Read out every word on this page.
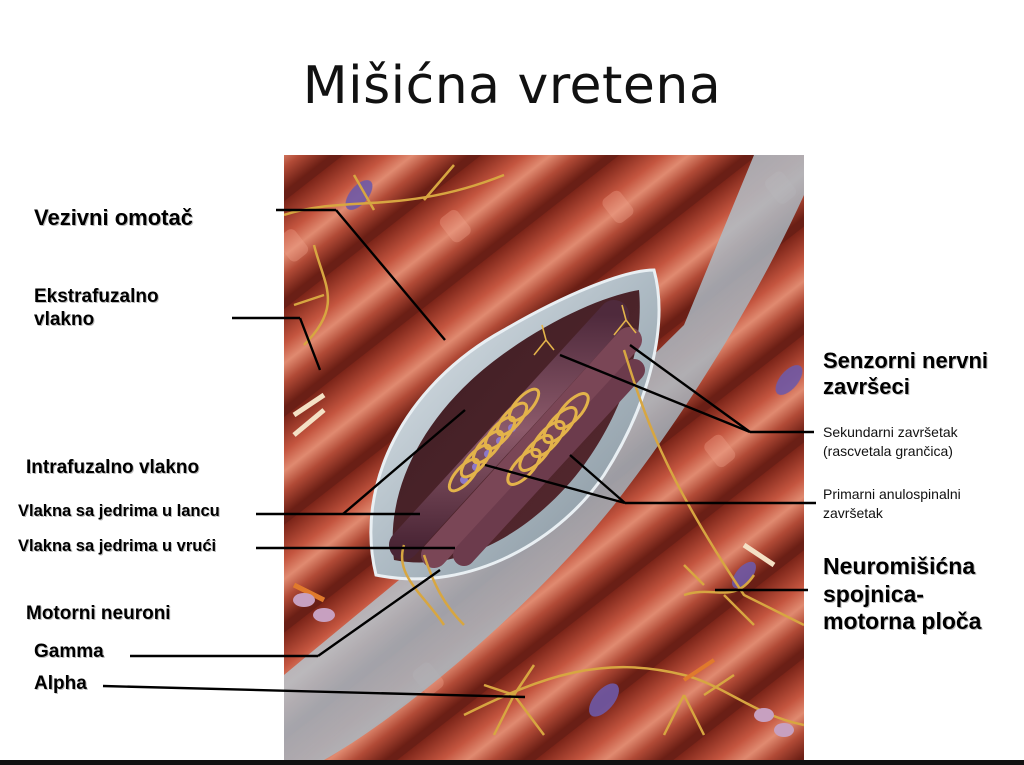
Mišićna vretena
Vezivni omotač
Ekstrafuzalno
vlakno
Intrafuzalno vlakno
Vlakna sa jedrima u lancu
Vlakna sa jedrima u vrući
Motorni neuroni
Gamma
Alpha
Senzorni nervni
završeci
Sekundarni završetak
(rascvetala grančica)
Primarni anulospinalni
završetak
Neuromišićna
spojnica-
motorna ploča
